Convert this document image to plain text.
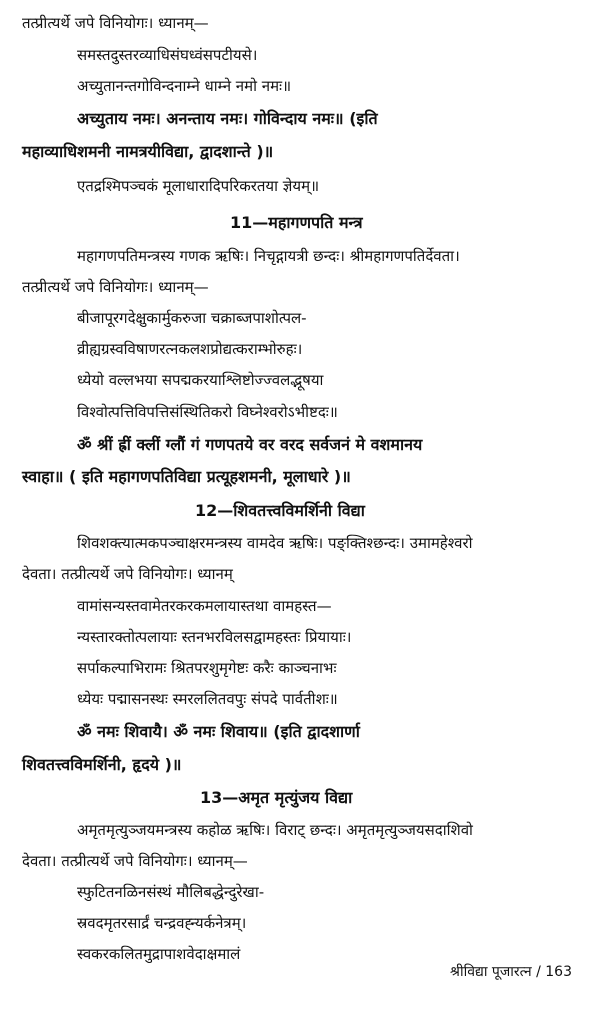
तत्प्रीत्यर्थे जपे विनियोगः। ध्यानम्—
समस्तदुस्तरव्याधिसंघध्वंसपटीयसे।
अच्युतानन्तगोविन्दनाम्ने धाम्ने नमो नमः॥
अच्युताय नमः। अनन्ताय नमः। गोविन्दाय नमः॥ (इति
महाव्याधिशमनी नामत्रयीविद्या, द्वादशान्ते )॥
एतद्रश्मिपञ्चकं मूलाधारादिपरिकरतया ज्ञेयम्॥
11—महागणपति मन्त्र
महागणपतिमन्त्रस्य गणक ऋषिः। निचृद्गायत्री छन्दः। श्रीमहागणपतिर्देवता।
तत्प्रीत्यर्थे जपे विनियोगः। ध्यानम्—
बीजापूरगदेक्षुकार्मुकरुजा चक्राब्जपाशोत्पल-
व्रीह्यग्रस्वविषाणरत्नकलशप्रोद्यत्कराम्भोरुहः।
ध्येयो वल्लभया सपद्मकरयाश्लिष्टोज्ज्वलद्भूषया
विश्वोत्पत्तिविपत्तिसंस्थितिकरो विघ्नेश्वरोऽभीष्टदः॥
ॐ श्रीं ह्रीं क्लीं ग्लौं गं गणपतये वर वरद सर्वजनं मे वशमानय
स्वाहा॥ ( इति महागणपतिविद्या प्रत्यूहशमनी, मूलाधारे )॥
12—शिवतत्त्वविमर्शिनी विद्या
शिवशक्त्यात्मकपञ्चाक्षरमन्त्रस्य वामदेव ऋषिः। पङ्क्तिश्छन्दः। उमामहेश्वरो
देवता। तत्प्रीत्यर्थे जपे विनियोगः। ध्यानम्
वामांसन्यस्तवामेतरकरकमलायास्तथा वामहस्त—
न्यस्तारक्तोत्पलायाः स्तनभरविलसद्वामहस्तः प्रियायाः।
सर्पाकल्पाभिरामः श्रितपरशुमृगेष्टः करैः काञ्चनाभः
ध्येयः पद्मासनस्थः स्मरललितवपुः संपदे पार्वतीशः॥
ॐ नमः शिवायै। ॐ नमः शिवाय॥ (इति द्वादशार्णा
शिवतत्त्वविमर्शिनी, हृदये )॥
13—अमृत मृत्युंजय विद्या
अमृतमृत्युञ्जयमन्त्रस्य कहोळ ऋषिः। विराट् छन्दः। अमृतमृत्युञ्जयसदाशिवो
देवता। तत्प्रीत्यर्थे जपे विनियोगः। ध्यानम्—
स्फुटितनळिनसंस्थं मौलिबद्धेन्दुरेखा-
स्रवदमृतरसार्द्रं चन्द्रवह्न्यर्कनेत्रम्।
स्वकरकलितमुद्रापाशवेदाक्षमालं
श्रीविद्या पूजारत्न / 163
